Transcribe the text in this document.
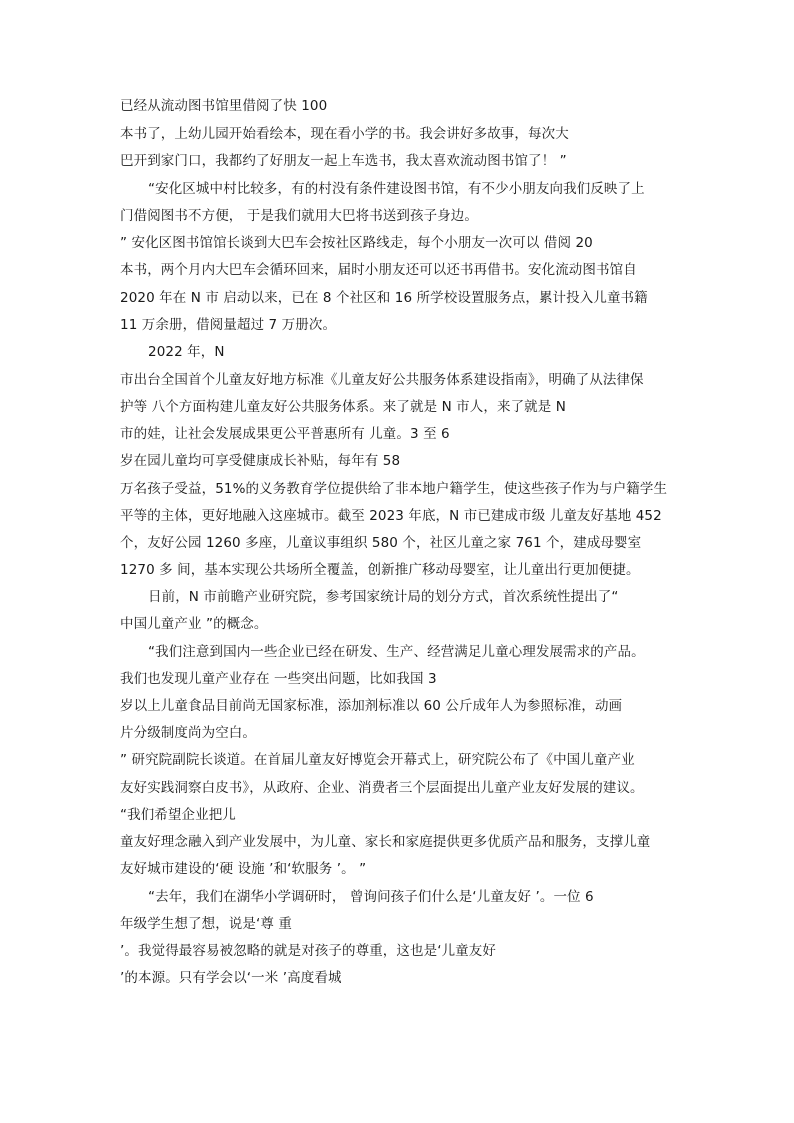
已经从流动图书馆里借阅了快 100
本书了，上幼儿园开始看绘本，现在看小学的书。我会讲好多故事，每次大
巴开到家门口，我都约了好朋友一起上车选书，我太喜欢流动图书馆了！ ”
“安化区城中村比较多，有的村没有条件建设图书馆，有不少小朋友向我们反映了上
门借阅图书不方便， 于是我们就用大巴将书送到孩子身边。
” 安化区图书馆馆长谈到大巴车会按社区路线走，每个小朋友一次可以 借阅 20
本书，两个月内大巴车会循环回来，届时小朋友还可以还书再借书。安化流动图书馆自
2020 年在 N 市 启动以来，已在 8 个社区和 16 所学校设置服务点，累计投入儿童书籍
11 万余册，借阅量超过 7 万册次。
2022 年，N
市出台全国首个儿童友好地方标准《儿童友好公共服务体系建设指南》，明确了从法律保
护等 八个方面构建儿童友好公共服务体系。来了就是 N 市人，来了就是 N
市的娃，让社会发展成果更公平普惠所有 儿童。3 至 6
岁在园儿童均可享受健康成长补贴，每年有 58
万名孩子受益，51%的义务教育学位提供给了非本地户籍学生，使这些孩子作为与户籍学生
平等的主体，更好地融入这座城市。截至 2023 年底，N 市已建成市级 儿童友好基地 452
个，友好公园 1260 多座，儿童议事组织 580 个，社区儿童之家 761 个，建成母婴室
1270 多 间，基本实现公共场所全覆盖，创新推广移动母婴室，让儿童出行更加便捷。
日前，N 市前瞻产业研究院，参考国家统计局的划分方式，首次系统性提出了“
中国儿童产业 ”的概念。
“我们注意到国内一些企业已经在研发、生产、经营满足儿童心理发展需求的产品。
我们也发现儿童产业存在 一些突出问题，比如我国 3
岁以上儿童食品目前尚无国家标准，添加剂标准以 60 公斤成年人为参照标准，动画
片分级制度尚为空白。
” 研究院副院长谈道。在首届儿童友好博览会开幕式上，研究院公布了《中国儿童产业
友好实践洞察白皮书》，从政府、企业、消费者三个层面提出儿童产业友好发展的建议。
“我们希望企业把儿
童友好理念融入到产业发展中，为儿童、家长和家庭提供更多优质产品和服务，支撑儿童
友好城市建设的‘硬 设施 ’和‘软服务 ’。 ”
“去年，我们在湖华小学调研时， 曾询问孩子们什么是‘儿童友好 ’。一位 6
年级学生想了想，说是‘尊 重
’。我觉得最容易被忽略的就是对孩子的尊重，这也是‘儿童友好
’的本源。只有学会以‘一米 ’高度看城
